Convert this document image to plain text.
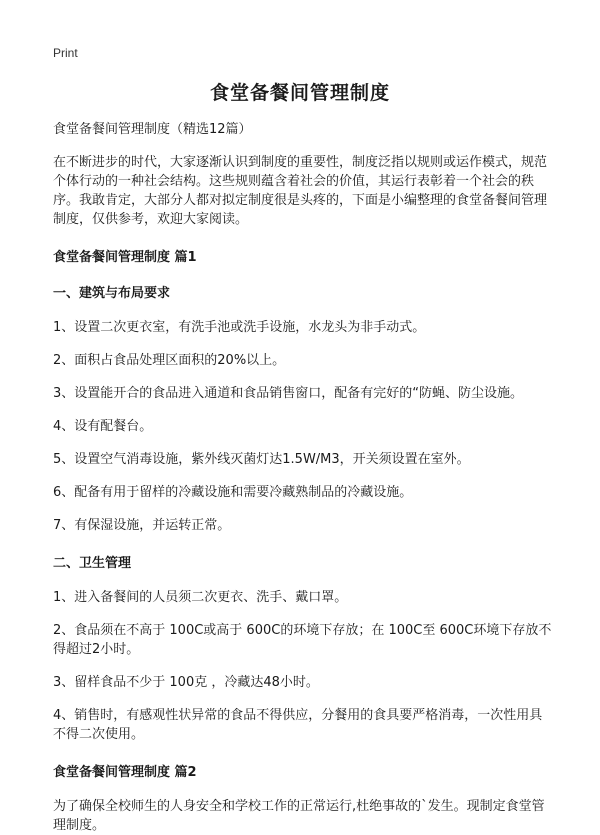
Print
食堂备餐间管理制度

食堂备餐间管理制度（精选12篇）

在不断进步的时代，大家逐渐认识到制度的重要性，制度泛指以规则或运作模式，规范个体行动的一种社会结构。这些规则蕴含着社会的价值，其运行表彰着一个社会的秩序。我敢肯定，大部分人都对拟定制度很是头疼的，下面是小编整理的食堂备餐间管理制度，仅供参考，欢迎大家阅读。

食堂备餐间管理制度 篇1

一、建筑与布局要求

1、设置二次更衣室，有洗手池或洗手设施，水龙头为非手动式。

2、面积占食品处理区面积的20%以上。

3、设置能开合的食品进入通道和食品销售窗口，配备有完好的“防蝇、防尘设施。

4、设有配餐台。

5、设置空气消毒设施，紫外线灭菌灯达1.5W/M3，开关须设置在室外。

6、配备有用于留样的冷藏设施和需要冷藏熟制品的冷藏设施。

7、有保湿设施，并运转正常。

二、卫生管理

1、进入备餐间的人员须二次更衣、洗手、戴口罩。

2、食品须在不高于 100C或高于 600C的环境下存放；在 100C至 600C环境下存放不得超过2小时。

3、留样食品不少于 100克 ，冷藏达48小时。

4、销售时，有感观性状异常的食品不得供应，分餐用的食具要严格消毒，一次性用具不得二次使用。

食堂备餐间管理制度 篇2

为了确保全校师生的人身安全和学校工作的正常运行,杜绝事故的`发生。现制定食堂管理制度。
